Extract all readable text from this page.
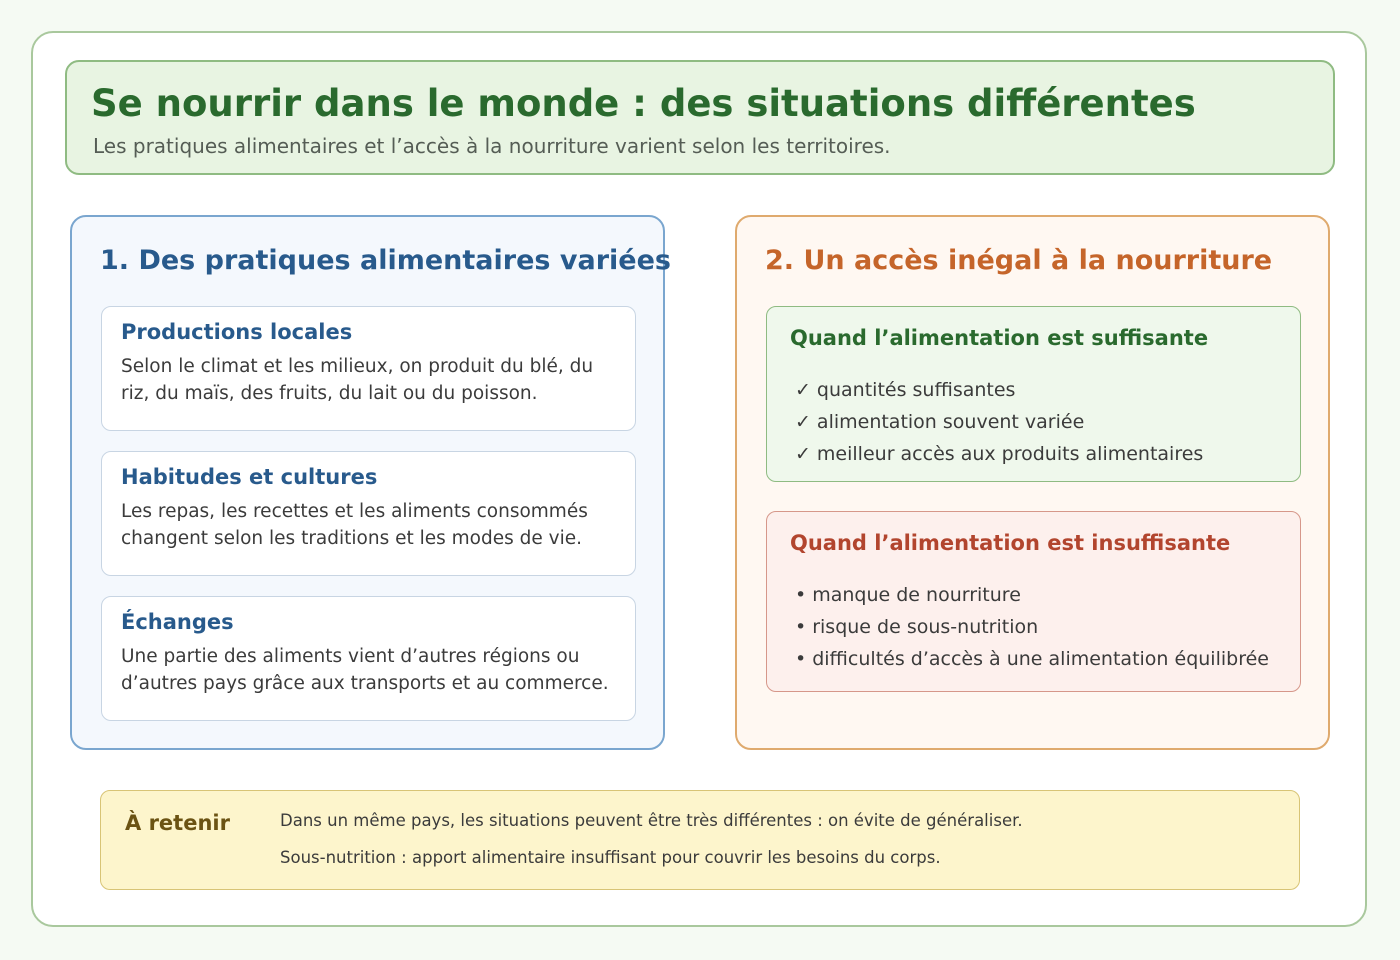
Se nourrir dans le monde : des situations différentes

Les pratiques alimentaires et l’accès à la nourriture varient selon les territoires.

1. Des pratiques alimentaires variées
Productions locales

Selon le climat et les milieux, on produit du blé, du riz, du maïs, des fruits, du lait ou du poisson.

Habitudes et cultures

Les repas, les recettes et les aliments consommés changent selon les traditions et les modes de vie.

Échanges

Une partie des aliments vient d’autres régions ou d’autres pays grâce aux transports et au commerce.

2. Un accès inégal à la nourriture
Quand l’alimentation est suffisante
✓ quantités suffisantes
✓ alimentation souvent variée
✓ meilleur accès aux produits alimentaires
Quand l’alimentation est insuffisante
• manque de nourriture
• risque de sous-nutrition
• difficultés d’accès à une alimentation équilibrée
À retenir	Dans un même pays, les situations peuvent être très différentes : on évite de généraliser.

Sous-nutrition : apport alimentaire insuffisant pour couvrir les besoins du corps.
